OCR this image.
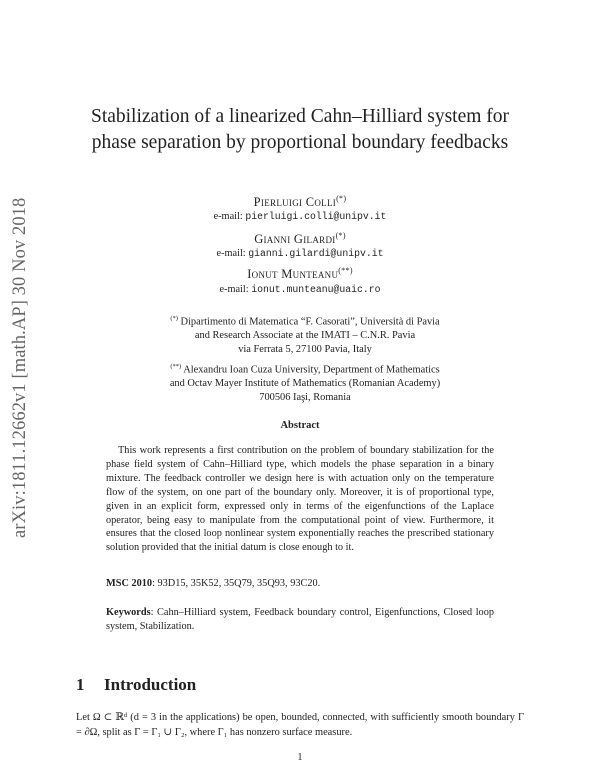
arXiv:1811.12662v1 [math.AP] 30 Nov 2018
Stabilization of a linearized Cahn–Hilliard system for
phase separation by proportional boundary feedbacks
Pierluigi Colli(*)
e-mail: pierluigi.colli@unipv.it
Gianni Gilardi(*)
e-mail: gianni.gilardi@unipv.it
Ionut Munteanu(**)
e-mail: ionut.munteanu@uaic.ro
(*) Dipartimento di Matematica “F. Casorati”, Università di Pavia
and Research Associate at the IMATI – C.N.R. Pavia
via Ferrata 5, 27100 Pavia, Italy
(**) Alexandru Ioan Cuza University, Department of Mathematics
and Octav Mayer Institute of Mathematics (Romanian Academy)
700506 Iaşi, Romania
Abstract

This work represents a first contribution on the problem of boundary stabilization for the phase field system of Cahn–Hilliard type, which models the phase separation in a binary mixture. The feedback controller we design here is with actuation only on the temperature flow of the system, on one part of the boundary only. Moreover, it is of proportional type, given in an explicit form, expressed only in terms of the eigenfunctions of the Laplace operator, being easy to manipulate from the computational point of view. Furthermore, it ensures that the closed loop nonlinear system exponentially reaches the prescribed stationary solution provided that the initial datum is close enough to it.

MSC 2010: 93D15, 35K52, 35Q79, 35Q93, 93C20.
Keywords: Cahn–Hilliard system, Feedback boundary control, Eigenfunctions, Closed loop system, Stabilization.
1 Introduction
Let Ω ⊂ ℝᵈ (d = 3 in the applications) be open, bounded, connected, with sufficiently smooth boundary Γ = ∂Ω, split as Γ = Γ₁ ∪ Γ₂, where Γ₁ has nonzero surface measure.
1
